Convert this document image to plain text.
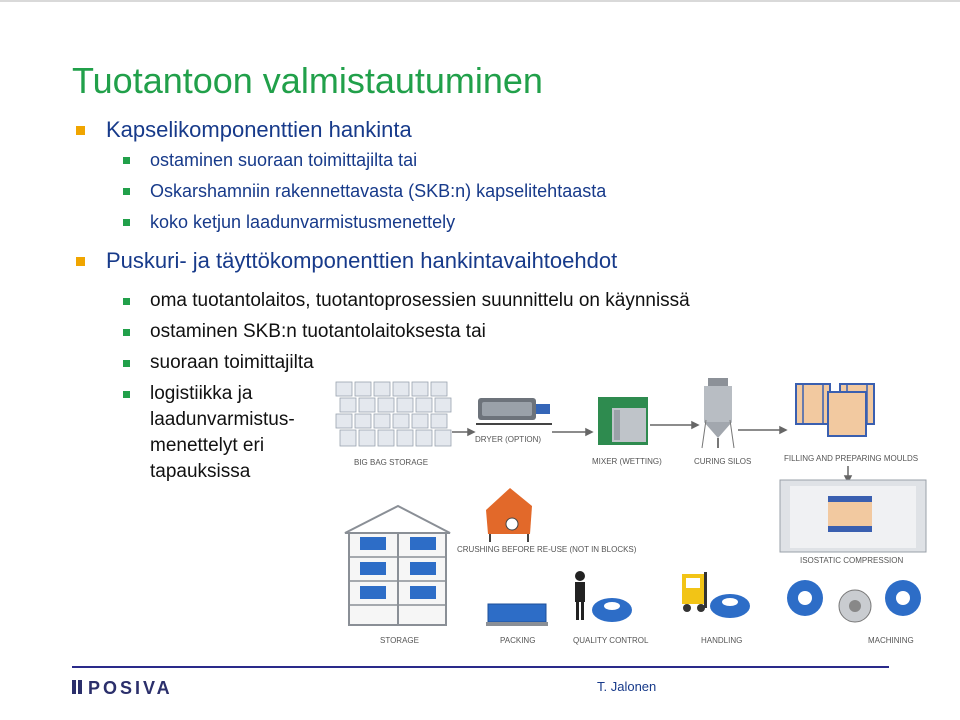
Tuotantoon valmistautuminen
Kapselikomponenttien hankinta
ostaminen suoraan toimittajilta tai
Oskarshamniin rakennettavasta (SKB:n) kapselitehtaasta
koko ketjun laadunvarmistusmenettely
Puskuri- ja täyttökomponenttien hankintavaihtoehdot
oma tuotantolaitos, tuotantoprosessien suunnittelu on käynnissä
ostaminen SKB:n tuotantolaitoksesta tai
suoraan toimittajilta
logistiikka ja
laadunvarmistus-
menettelyt eri
tapauksissa	BIG BAG STORAGE
DRYER (OPTION)
MIXER (WETTING)	CURING SILOS	FILLING AND PREPARING MOULDS
ISOSTATIC COMPRESSION
MACHINING
CRUSHING BEFORE RE-USE (NOT IN BLOCKS)
STORAGE	PACKING	QUALITY CONTROL	HANDLING
POSIVA	T. Jalonen
